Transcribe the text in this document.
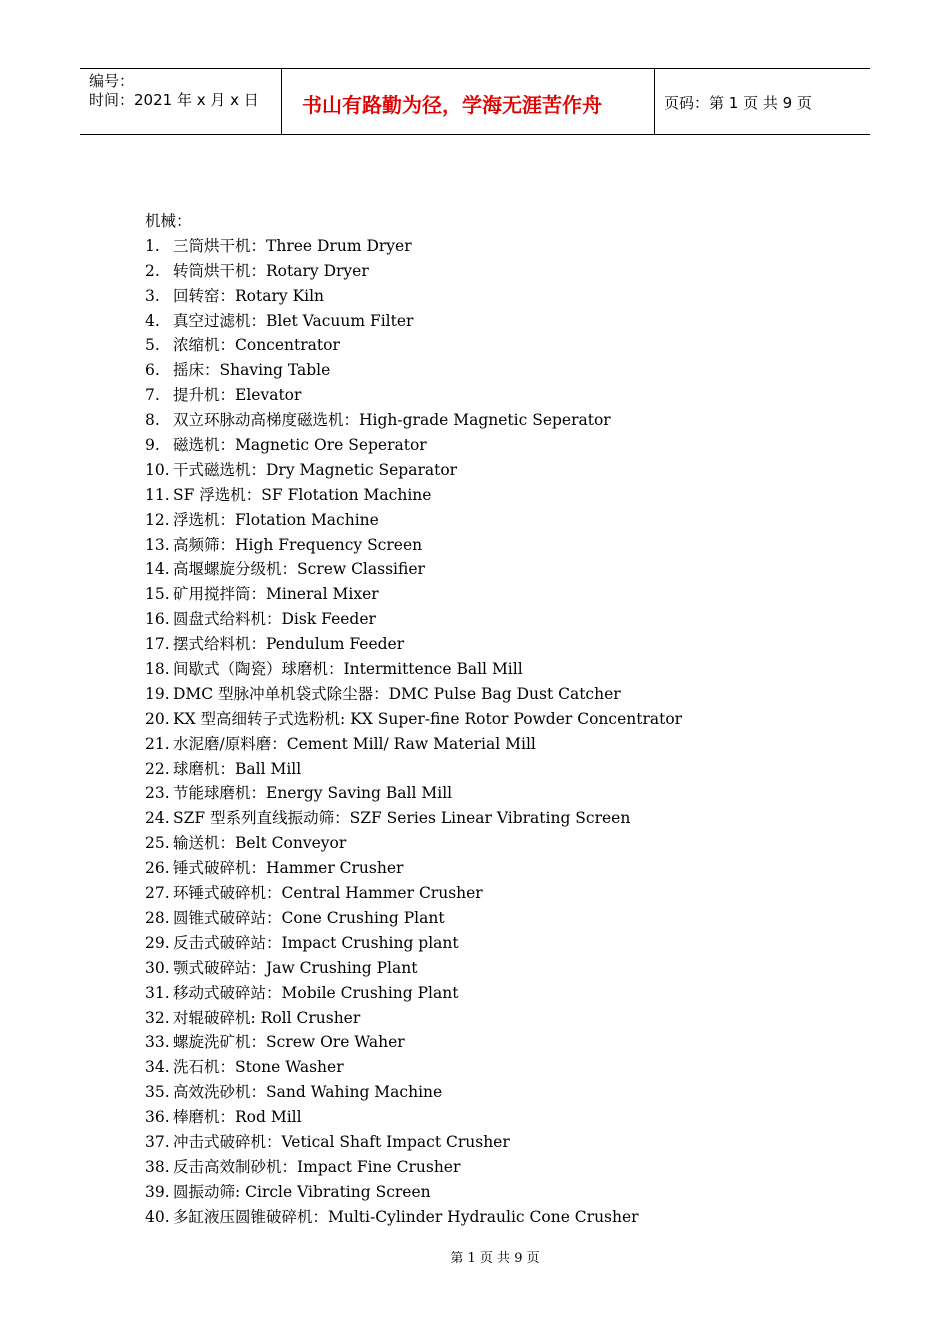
编号：
时间：2021 年 x 月 x 日	书山有路勤为径，学海无涯苦作舟	页码：第 1 页 共 9 页
机械：
1. 三筒烘干机：Three Drum Dryer
2. 转筒烘干机：Rotary Dryer
3. 回转窑：Rotary Kiln
4. 真空过滤机：Blet Vacuum Filter
5. 浓缩机：Concentrator
6. 摇床：Shaving Table
7. 提升机：Elevator
8. 双立环脉动高梯度磁选机：High-grade Magnetic Seperator
9. 磁选机：Magnetic Ore Seperator
10. 干式磁选机：Dry Magnetic Separator
11. SF 浮选机：SF Flotation Machine
12. 浮选机：Flotation Machine
13. 高频筛：High Frequency Screen
14. 高堰螺旋分级机：Screw Classifier
15. 矿用搅拌筒：Mineral Mixer
16. 圆盘式给料机：Disk Feeder
17. 摆式给料机：Pendulum Feeder
18. 间歇式（陶瓷）球磨机：Intermittence Ball Mill
19. DMC 型脉冲单机袋式除尘器：DMC Pulse Bag Dust Catcher
20. KX 型高细转子式选粉机: KX Super-fine Rotor Powder Concentrator
21. 水泥磨/原料磨：Cement Mill/ Raw Material Mill
22. 球磨机：Ball Mill
23. 节能球磨机：Energy Saving Ball Mill
24. SZF 型系列直线振动筛：SZF Series Linear Vibrating Screen
25. 输送机：Belt Conveyor
26. 锤式破碎机：Hammer Crusher
27. 环锤式破碎机：Central Hammer Crusher
28. 圆锥式破碎站：Cone Crushing Plant
29. 反击式破碎站：Impact Crushing plant
30. 颚式破碎站：Jaw Crushing Plant
31. 移动式破碎站：Mobile Crushing Plant
32. 对辊破碎机: Roll Crusher
33. 螺旋洗矿机：Screw Ore Waher
34. 洗石机：Stone Washer
35. 高效洗砂机：Sand Wahing Machine
36. 棒磨机：Rod Mill
37. 冲击式破碎机：Vetical Shaft Impact Crusher
38. 反击高效制砂机：Impact Fine Crusher
39. 圆振动筛: Circle Vibrating Screen
40. 多缸液压圆锥破碎机：Multi-Cylinder Hydraulic Cone Crusher
第 1 页 共 9 页
